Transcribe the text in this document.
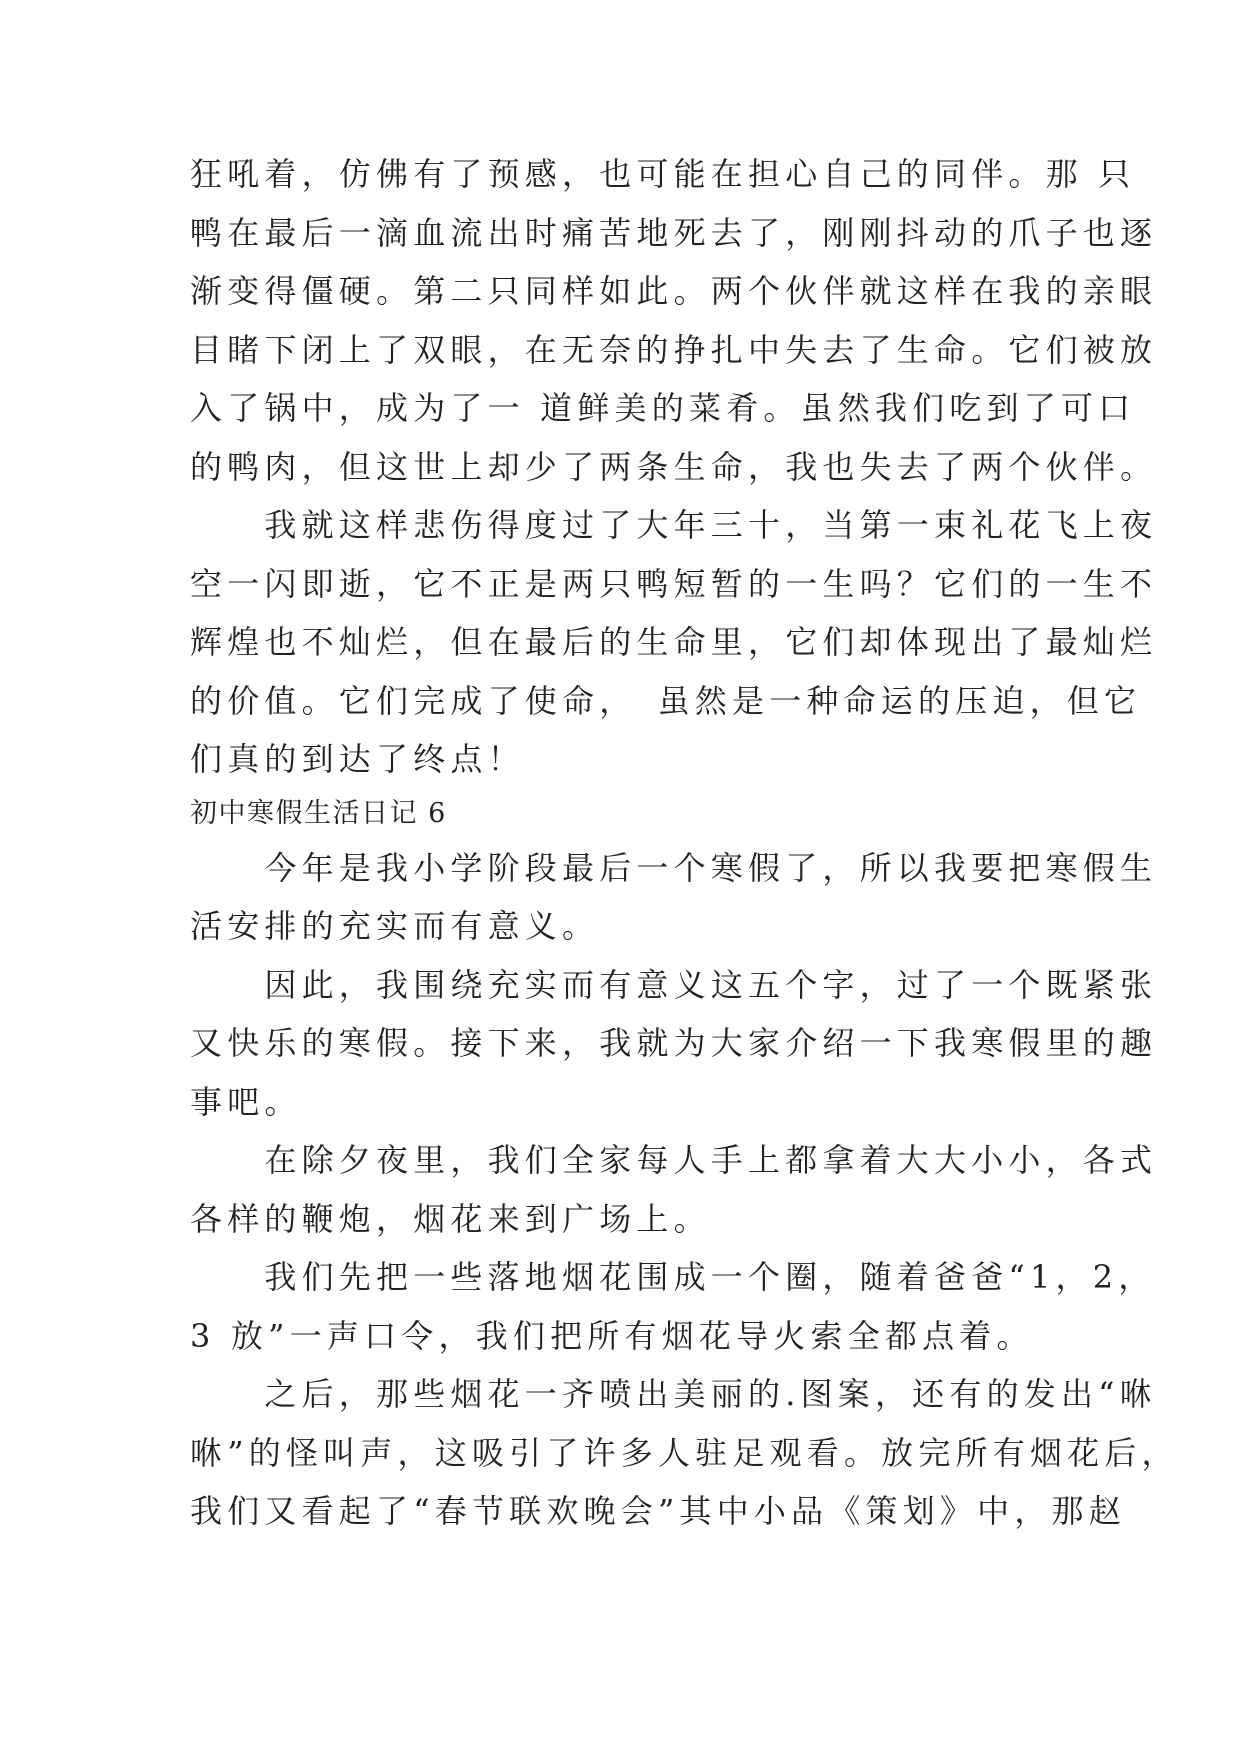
狂吼着，仿佛有了预感，也可能在担心自己的同伴。那 只
鸭在最后一滴血流出时痛苦地死去了，刚刚抖动的爪子也逐
渐变得僵硬。第二只同样如此。两个伙伴就这样在我的亲眼
目睹下闭上了双眼，在无奈的挣扎中失去了生命。它们被放
入了锅中，成为了一 道鲜美的菜肴。虽然我们吃到了可口
的鸭肉，但这世上却少了两条生命，我也失去了两个伙伴。
　　我就这样悲伤得度过了大年三十，当第一束礼花飞上夜
空一闪即逝，它不正是两只鸭短暂的一生吗？它们的一生不
辉煌也不灿烂，但在最后的生命里，它们却体现出了最灿烂
的价值。它们完成了使命，　虽然是一种命运的压迫，但它
们真的到达了终点！
初中寒假生活日记 6
　　今年是我小学阶段最后一个寒假了，所以我要把寒假生
活安排的充实而有意义。
　　因此，我围绕充实而有意义这五个字，过了一个既紧张
又快乐的寒假。接下来，我就为大家介绍一下我寒假里的趣
事吧。
　　在除夕夜里，我们全家每人手上都拿着大大小小，各式
各样的鞭炮，烟花来到广场上。
　　我们先把一些落地烟花围成一个圈，随着爸爸“1，2，
3 放”一声口令，我们把所有烟花导火索全都点着。
　　之后，那些烟花一齐喷出美丽的.图案，还有的发出“咻
咻”的怪叫声，这吸引了许多人驻足观看。放完所有烟花后，
我们又看起了“春节联欢晚会”其中小品《策划》中，那赵
